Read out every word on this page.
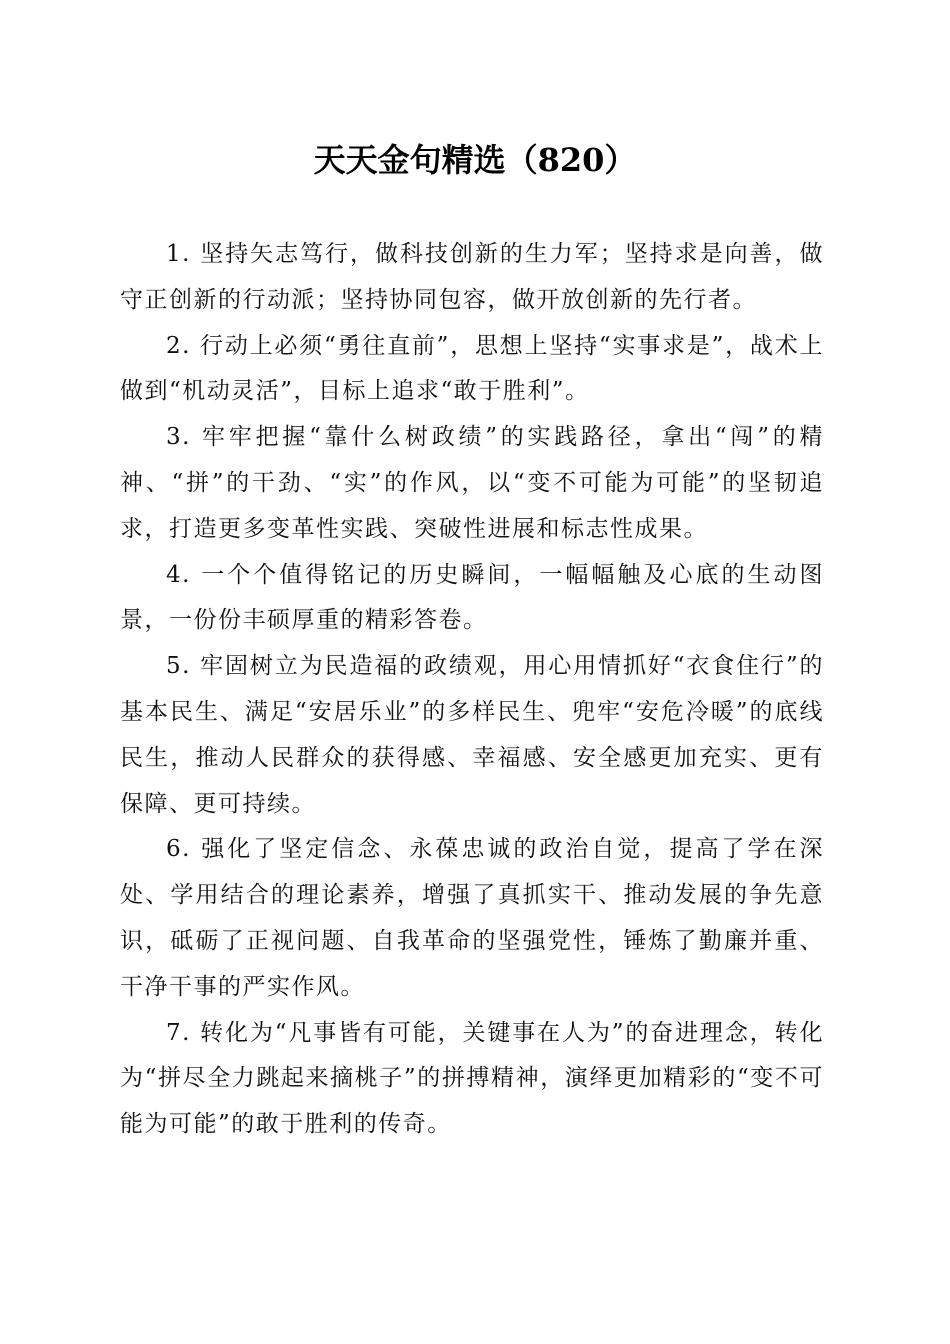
天天金句精选（820）

1. 坚持矢志笃行，做科技创新的生力军；坚持求是向善，做守正创新的行动派；坚持协同包容，做开放创新的先行者。

2. 行动上必须“勇往直前”，思想上坚持“实事求是”，战术上做到“机动灵活”，目标上追求“敢于胜利”。

3. 牢牢把握“靠什么树政绩”的实践路径，拿出“闯”的精神、“拼”的干劲、“实”的作风，以“变不可能为可能”的坚韧追求，打造更多变革性实践、突破性进展和标志性成果。

4. 一个个值得铭记的历史瞬间，一幅幅触及心底的生动图景，一份份丰硕厚重的精彩答卷。

5. 牢固树立为民造福的政绩观，用心用情抓好“衣食住行”的基本民生、满足“安居乐业”的多样民生、兜牢“安危冷暖”的底线民生，推动人民群众的获得感、幸福感、安全感更加充实、更有保障、更可持续。

6. 强化了坚定信念、永葆忠诚的政治自觉，提高了学在深处、学用结合的理论素养，增强了真抓实干、推动发展的争先意识，砥砺了正视问题、自我革命的坚强党性，锤炼了勤廉并重、干净干事的严实作风。

7. 转化为“凡事皆有可能，关键事在人为”的奋进理念，转化为“拼尽全力跳起来摘桃子”的拼搏精神，演绎更加精彩的“变不可能为可能”的敢于胜利的传奇。
